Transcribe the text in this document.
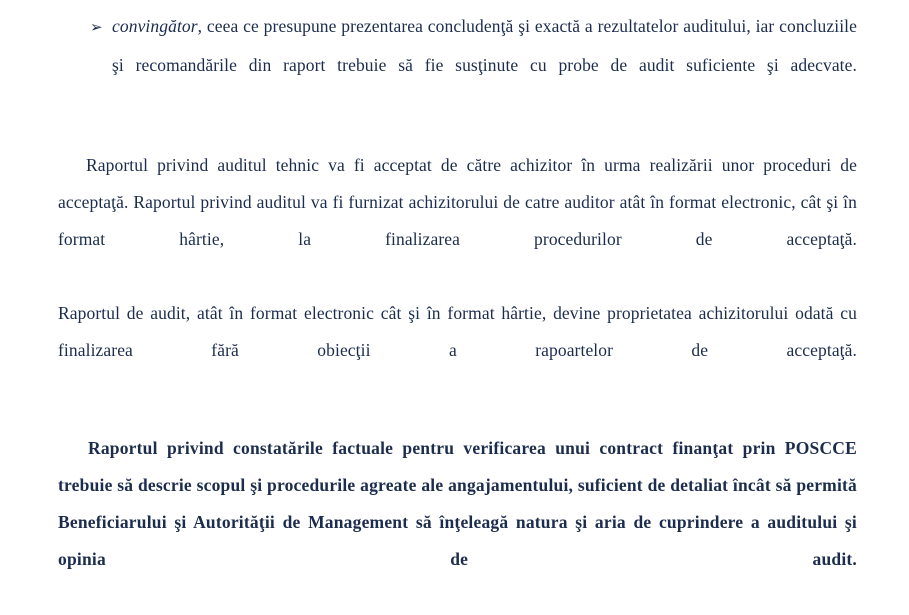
➢ convingător, ceea ce presupune prezentarea concludenţă şi exactă a rezultatelor auditului, iar concluziile şi recomandările din raport trebuie să fie susţinute cu probe de audit suficiente şi adecvate.

Raportul privind auditul tehnic va fi acceptat de către achizitor în urma realizării unor proceduri de acceptaţă. Raportul privind auditul va fi furnizat achizitorului de catre auditor atât în format electronic, cât şi în format hârtie, la finalizarea procedurilor de acceptaţă.

Raportul de audit, atât în format electronic cât şi în format hârtie, devine proprietatea achizitorului odată cu finalizarea fără obiecţii a rapoartelor de acceptaţă.

Raportul privind constatările factuale pentru verificarea unui contract finanţat prin POSCCE trebuie să descrie scopul şi procedurile agreate ale angajamentului, suficient de detaliat încât să permită Beneficiarului şi Autorităţii de Management să înţeleagă natura şi aria de cuprindere a auditului şi opinia de audit.
